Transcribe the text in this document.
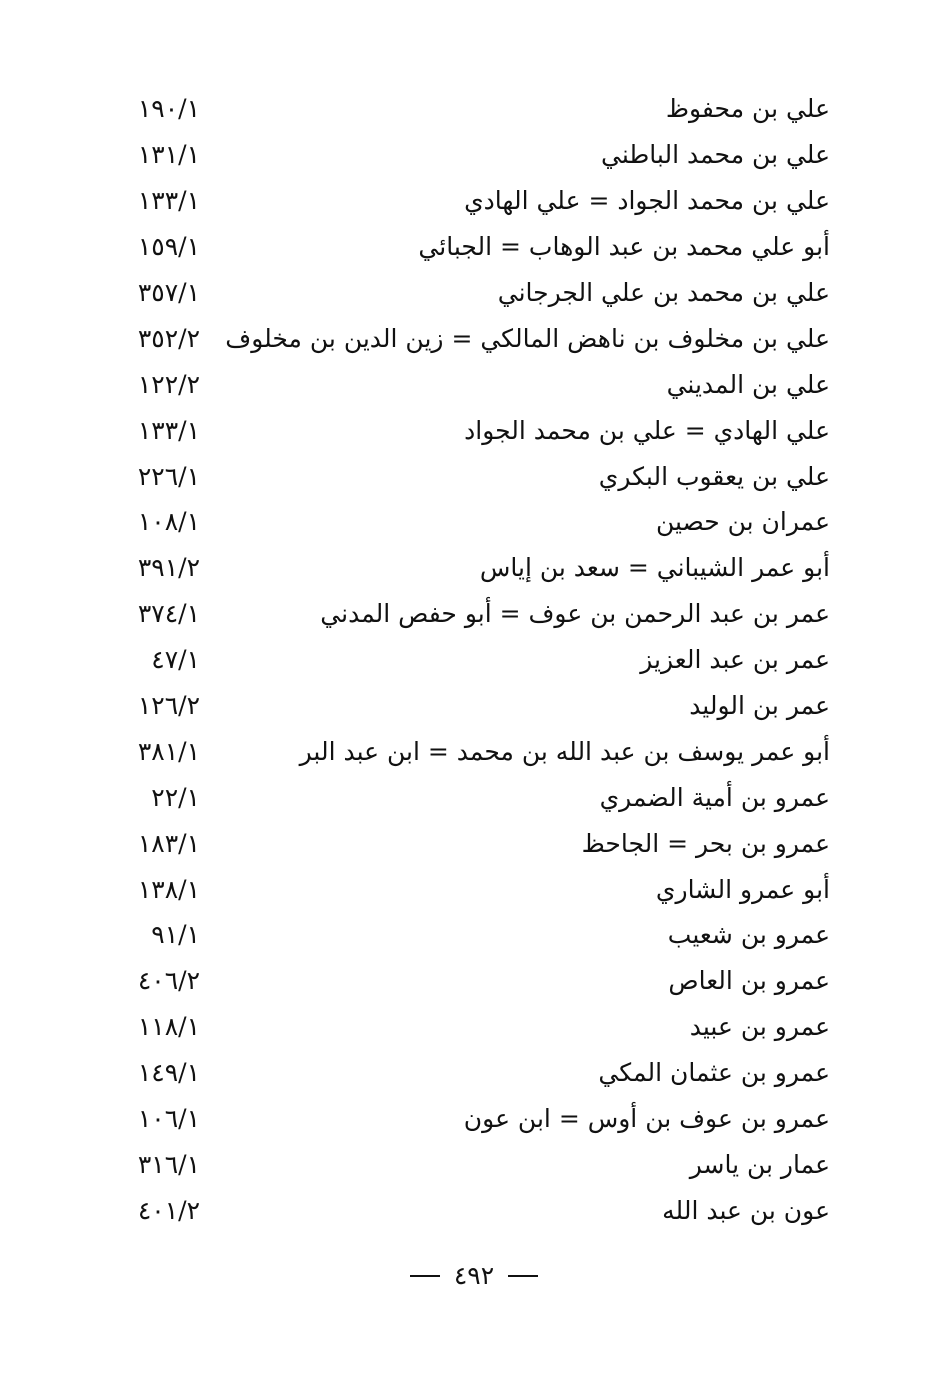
١٩٠/١	علي بن محفوظ
١٣١/١	علي بن محمد الباطني
١٣٣/١	علي بن محمد الجواد = علي الهادي
١٥٩/١	أبو علي محمد بن عبد الوهاب = الجبائي
٣٥٧/١	علي بن محمد بن علي الجرجاني
٣٥٢/٢ علي بن مخلوف بن ناهض المالكي = زين الدين بن مخلوف
١٢٢/٢	علي بن المديني
١٣٣/١	علي الهادي = علي بن محمد الجواد
٢٢٦/١	علي بن يعقوب البكري
١٠٨/١	عمران بن حصين
٣٩١/٢	أبو عمر الشيباني = سعد بن إياس
٣٧٤/١	عمر بن عبد الرحمن بن عوف = أبو حفص المدني
٤٧/١	عمر بن عبد العزيز
١٢٦/٢	عمر بن الوليد
٣٨١/١	أبو عمر يوسف بن عبد الله بن محمد = ابن عبد البر
٢٢/١	عمرو بن أمية الضمري
١٨٣/١	عمرو بن بحر = الجاحظ
١٣٨/١	أبو عمرو الشاري
٩١/١	عمرو بن شعيب
٤٠٦/٢	عمرو بن العاص
١١٨/١	عمرو بن عبيد
١٤٩/١	عمرو بن عثمان المكي
١٠٦/١	عمرو بن عوف بن أوس = ابن عون
٣١٦/١	عمار بن ياسر
٤٠١/٢	عون بن عبد الله
٤٩٢
